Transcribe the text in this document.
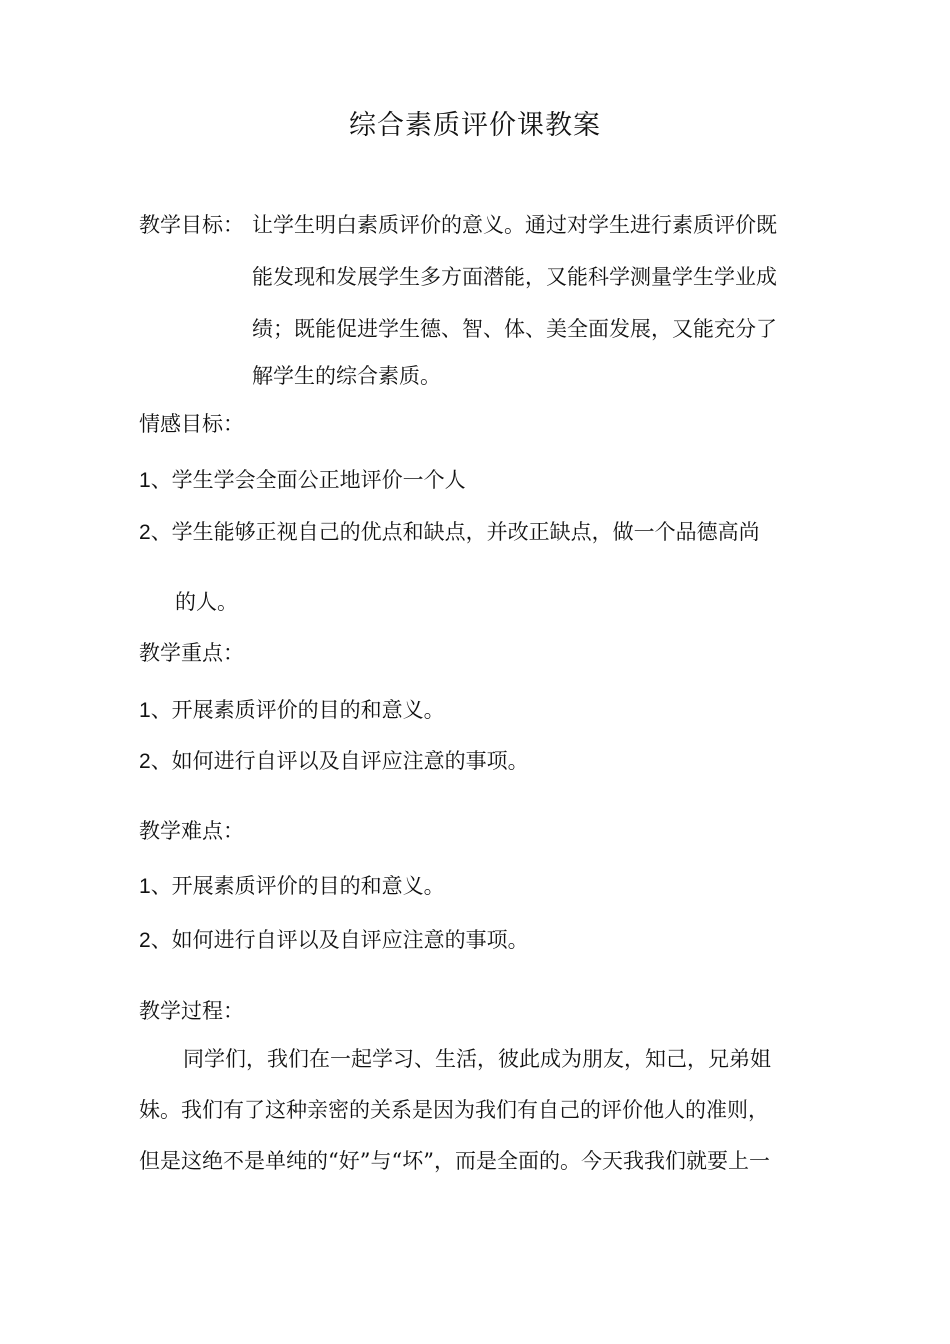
综合素质评价课教案
教学目标： 让学生明白素质评价的意义。通过对学生进行素质评价既
能发现和发展学生多方面潜能，又能科学测量学生学业成
绩；既能促进学生德、智、体、美全面发展，又能充分了
解学生的综合素质。
情感目标：
1、学生学会全面公正地评价一个人
2、学生能够正视自己的优点和缺点，并改正缺点，做一个品德高尚
的人。
教学重点：
1、开展素质评价的目的和意义。
2、如何进行自评以及自评应注意的事项。
教学难点：
1、开展素质评价的目的和意义。
2、如何进行自评以及自评应注意的事项。
教学过程：
同学们，我们在一起学习、生活，彼此成为朋友，知己，兄弟姐
妹。我们有了这种亲密的关系是因为我们有自己的评价他人的准则，
但是这绝不是单纯的“好”与“坏”，而是全面的。今天我我们就要上一
